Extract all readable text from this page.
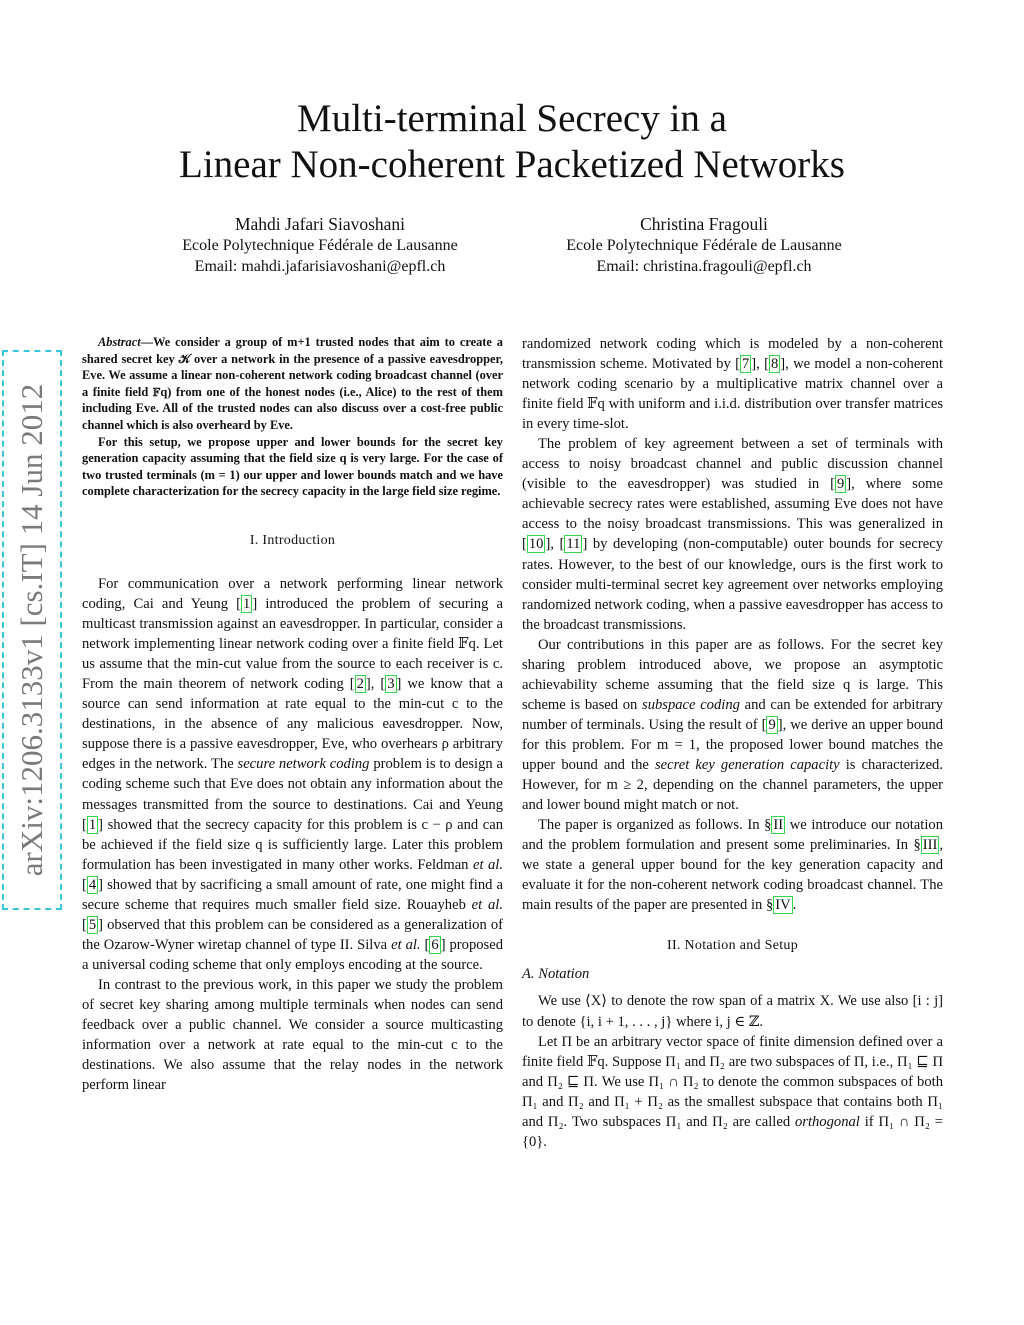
Multi-terminal Secrecy in a
Linear Non-coherent Packetized Networks
Mahdi Jafari Siavoshani
Ecole Polytechnique Fédérale de Lausanne
Email: mahdi.jafarisiavoshani@epfl.ch
Christina Fragouli
Ecole Polytechnique Fédérale de Lausanne
Email: christina.fragouli@epfl.ch
arXiv:1206.3133v1 [cs.IT] 14 Jun 2012

Abstract—We consider a group of m+1 trusted nodes that aim to create a shared secret key 𝒦 over a network in the presence of a passive eavesdropper, Eve. We assume a linear non-coherent network coding broadcast channel (over a finite field 𝔽q) from one of the honest nodes (i.e., Alice) to the rest of them including Eve. All of the trusted nodes can also discuss over a cost-free public channel which is also overheard by Eve.

For this setup, we propose upper and lower bounds for the secret key generation capacity assuming that the field size q is very large. For the case of two trusted terminals (m = 1) our upper and lower bounds match and we have complete characterization for the secrecy capacity in the large field size regime.

I. Introduction

For communication over a network performing linear network coding, Cai and Yeung [ 1 ] introduced the problem of securing a multicast transmission against an eavesdropper. In particular, consider a network implementing linear network coding over a finite field 𝔽q. Let us assume that the min-cut value from the source to each receiver is c. From the main theorem of network coding [ 2 ], [ 3 ] we know that a source can send information at rate equal to the min-cut c to the destinations, in the absence of any malicious eavesdropper. Now, suppose there is a passive eavesdropper, Eve, who overhears ρ arbitrary edges in the network. The secure network coding problem is to design a coding scheme such that Eve does not obtain any information about the messages transmitted from the source to destinations. Cai and Yeung [ 1 ] showed that the secrecy capacity for this problem is c − ρ and can be achieved if the field size q is sufficiently large. Later this problem formulation has been investigated in many other works. Feldman et al. [ 4 ] showed that by sacrificing a small amount of rate, one might find a secure scheme that requires much smaller field size. Rouayheb et al. [ 5 ] observed that this problem can be considered as a generalization of the Ozarow-Wyner wiretap channel of type II. Silva et al. [ 6 ] proposed a universal coding scheme that only employs encoding at the source.

In contrast to the previous work, in this paper we study the problem of secret key sharing among multiple terminals when nodes can send feedback over a public channel. We consider a source multicasting information over a network at rate equal to the min-cut c to the destinations. We also assume that the relay nodes in the network perform linear

randomized network coding which is modeled by a non-coherent transmission scheme. Motivated by [ 7 ], [ 8 ], we model a non-coherent network coding scenario by a multiplicative matrix channel over a finite field 𝔽q with uniform and i.i.d. distribution over transfer matrices in every time-slot.

The problem of key agreement between a set of terminals with access to noisy broadcast channel and public discussion channel (visible to the eavesdropper) was studied in [ 9 ], where some achievable secrecy rates were established, assuming Eve does not have access to the noisy broadcast transmissions. This was generalized in [ 10 ], [ 11 ] by developing (non-computable) outer bounds for secrecy rates. However, to the best of our knowledge, ours is the first work to consider multi-terminal secret key agreement over networks employing randomized network coding, when a passive eavesdropper has access to the broadcast transmissions.

Our contributions in this paper are as follows. For the secret key sharing problem introduced above, we propose an asymptotic achievability scheme assuming that the field size q is large. This scheme is based on subspace coding and can be extended for arbitrary number of terminals. Using the result of [ 9 ], we derive an upper bound for this problem. For m = 1, the proposed lower bound matches the upper bound and the secret key generation capacity is characterized. However, for m ≥ 2, depending on the channel parameters, the upper and lower bound might match or not.

The paper is organized as follows. In § II we introduce our notation and the problem formulation and present some preliminaries. In § III , we state a general upper bound for the key generation capacity and evaluate it for the non-coherent network coding broadcast channel. The main results of the paper are presented in § IV .

II. Notation and Setup
A. Notation

We use ⟨X⟩ to denote the row span of a matrix X. We use also [i : j] to denote {i, i + 1, . . . , j} where i, j ∈ ℤ.

Let Π be an arbitrary vector space of finite dimension defined over a finite field 𝔽q. Suppose Π₁ and Π₂ are two subspaces of Π, i.e., Π₁ ⊑ Π and Π₂ ⊑ Π. We use Π₁ ∩ Π₂ to denote the common subspaces of both Π₁ and Π₂ and Π₁ + Π₂ as the smallest subspace that contains both Π₁ and Π₂. Two subspaces Π₁ and Π₂ are called orthogonal if Π₁ ∩ Π₂ = {0}.
